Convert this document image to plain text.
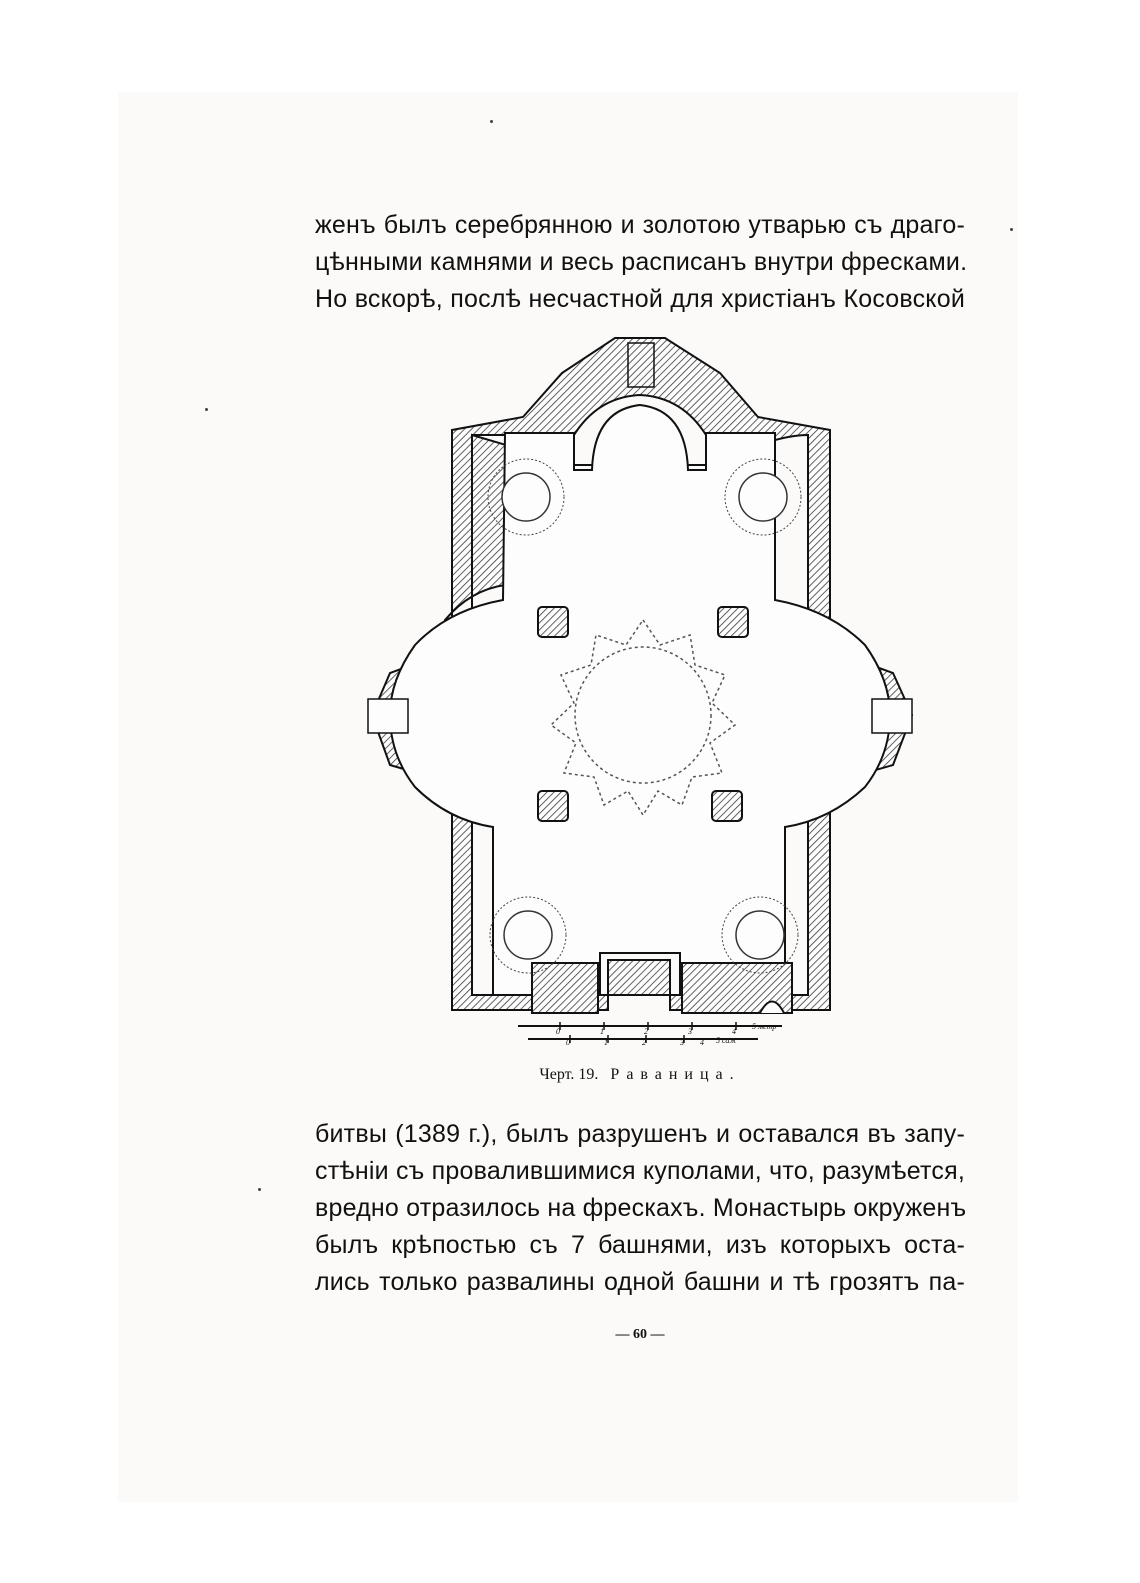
женъ былъ серебрянною и золотою утварью съ драго-
цѣнными камнями и весь расписанъ внутри фресками.
Но вскорѣ, послѣ несчастной для христіанъ Косовской
0	1	2	3	4
5 метр
0	1	2	3 4 5 саж
Черт. 19. Раваница.
битвы (1389 г.), былъ разрушенъ и оставался въ запу-
стѣніи съ провалившимися куполами, что, разумѣется,
вредно отразилось на фрескахъ. Монастырь окруженъ
былъ крѣпостью съ 7 башнями, изъ которыхъ оста-
лись только развалины одной башни и тѣ грозятъ па-
— 60 —
